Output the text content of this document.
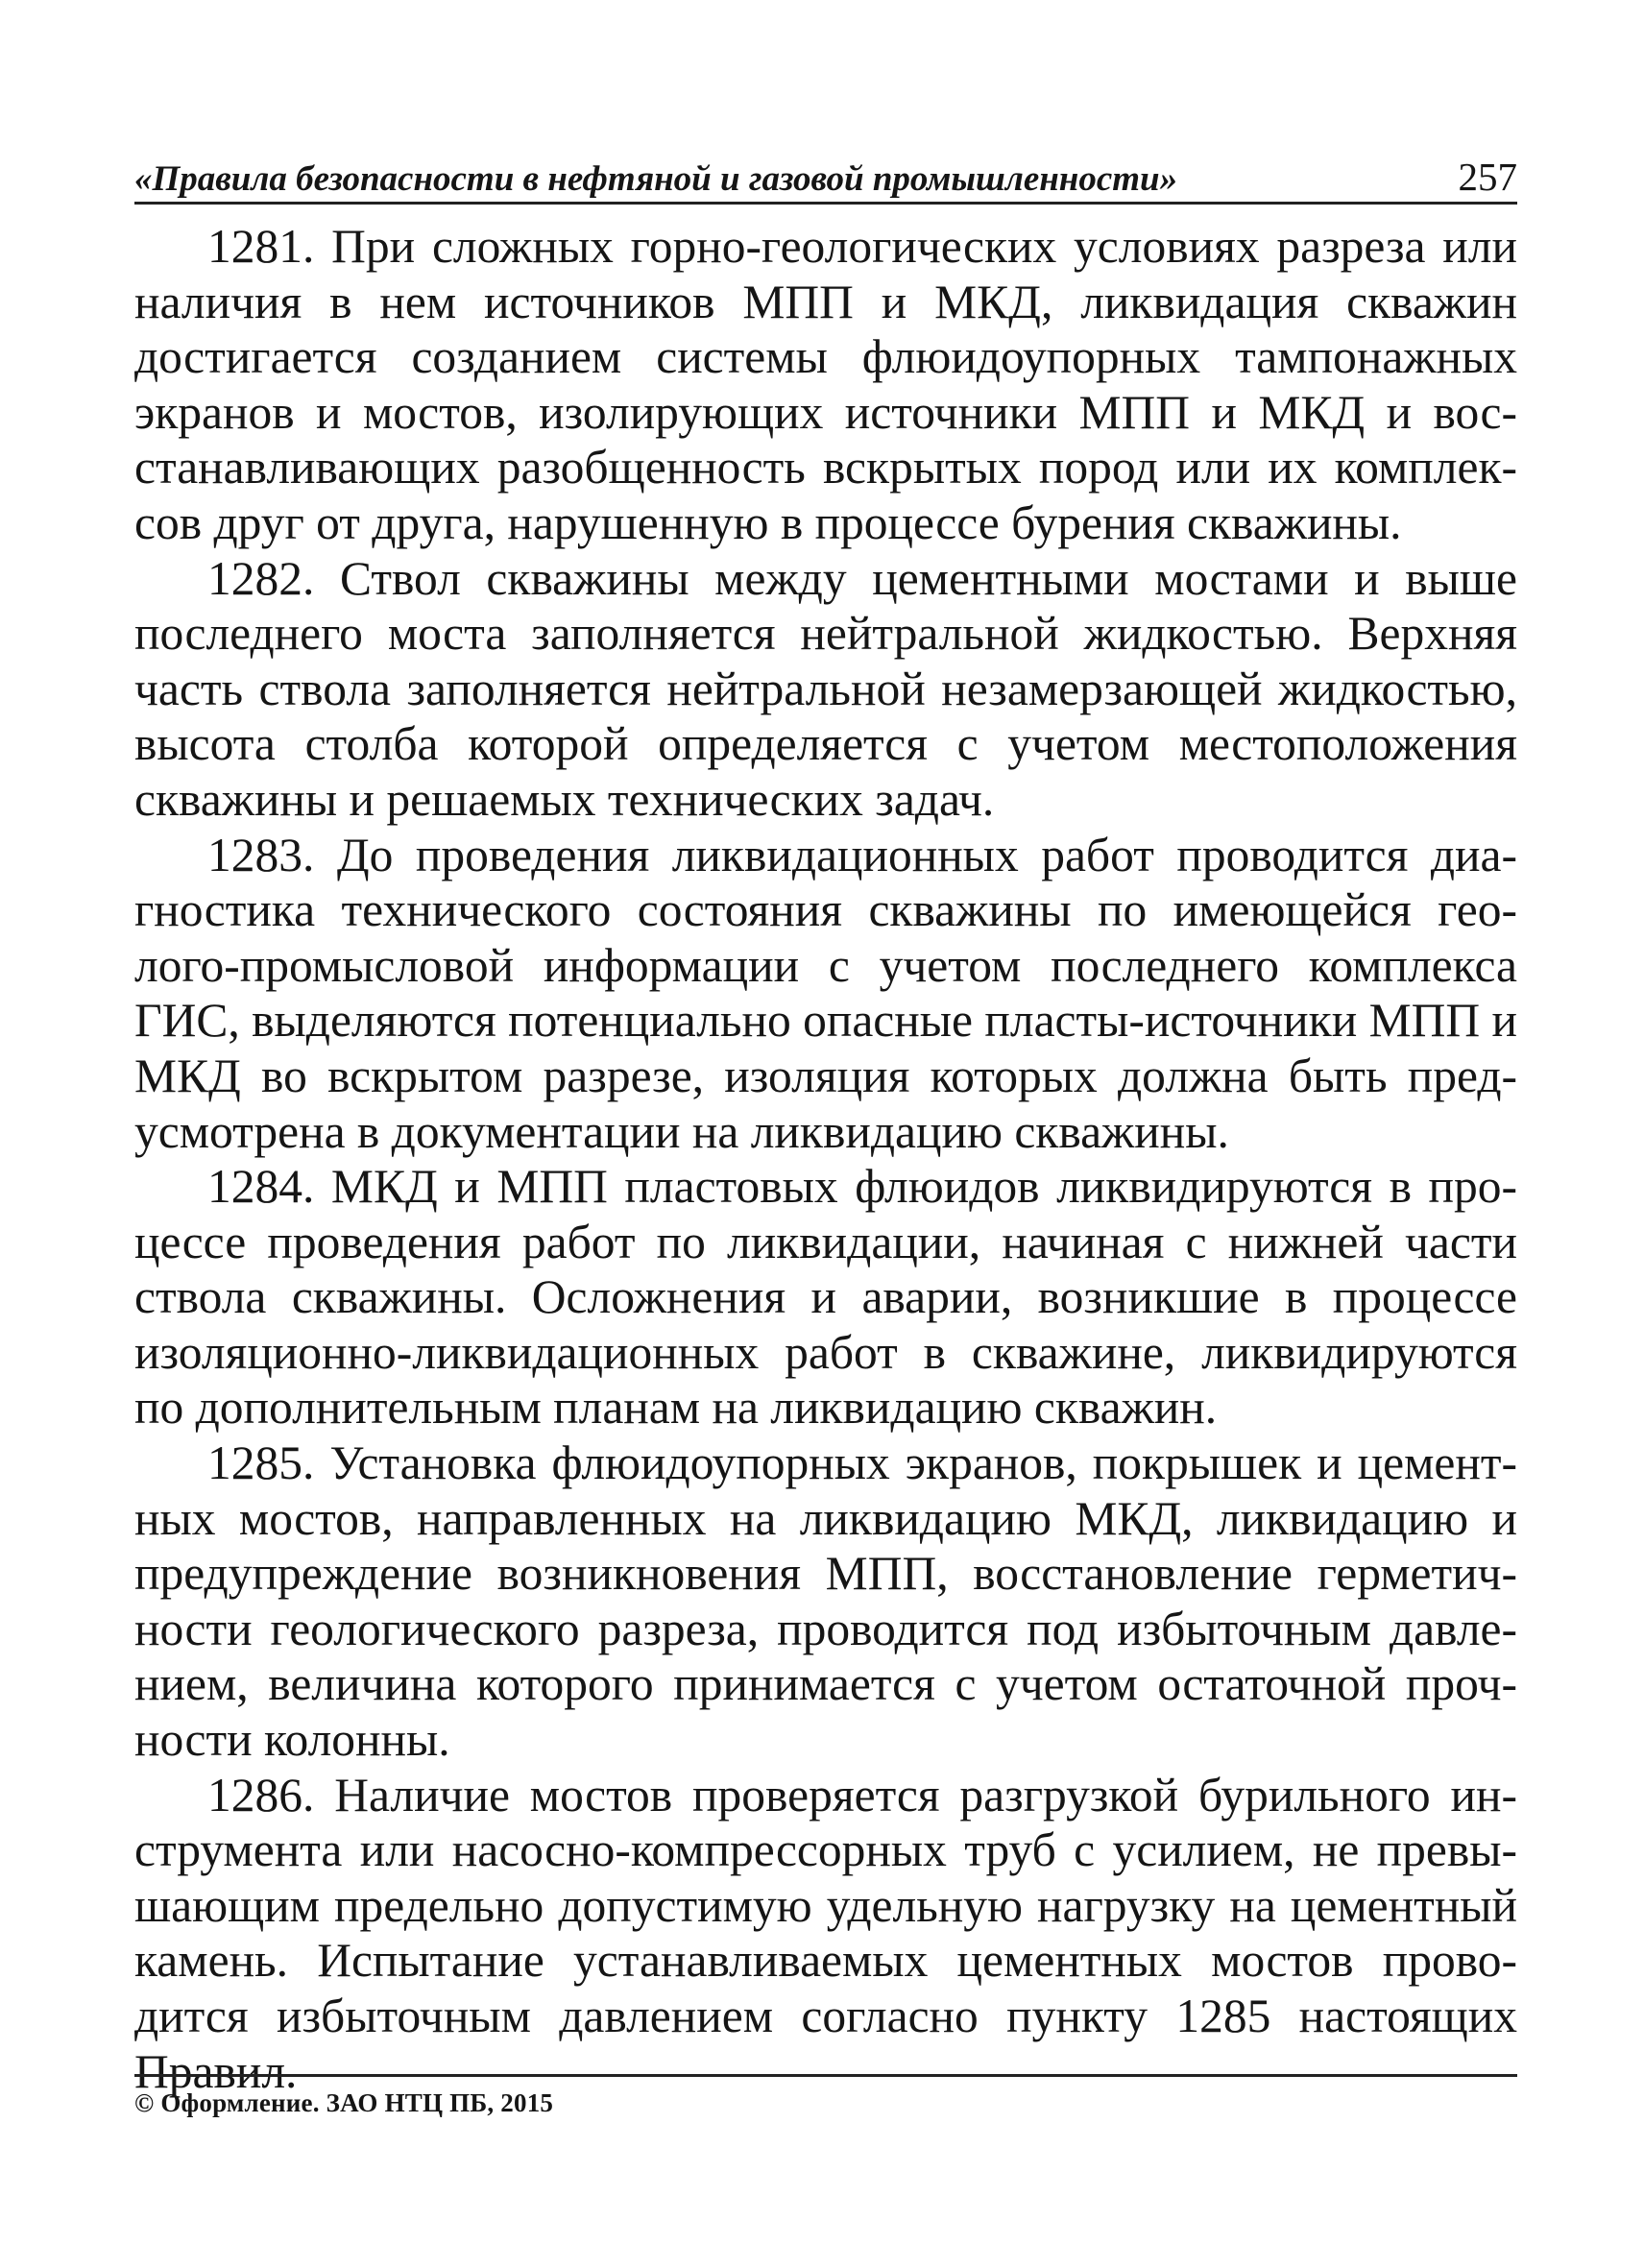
«Правила безопасности в нефтяной и газовой промышленности»	257

1281. При сложных горно-геологических условиях разреза или наличия в нем источников МПП и МКД, ликвидация скважин достигается созданием системы флюидоупорных тампонажных экранов и мостов, изолирующих источники МПП и МКД и восстанавливающих разобщенность вскрытых пород или их комплексов друг от друга, нарушенную в процессе бурения скважины.

1282. Ствол скважины между цементными мостами и выше последнего моста заполняется нейтральной жидкостью. Верхняя часть ствола заполняется нейтральной незамерзающей жидкостью, высота столба которой определяется с учетом местоположения скважины и решаемых технических задач.

1283. До проведения ликвидационных работ проводится диагностика технического состояния скважины по имеющейся геолого-промысловой информации с учетом последнего комплекса ГИС, выделяются потенциально опасные пласты-источники МПП и МКД во вскрытом разрезе, изоляция которых должна быть предусмотрена в документации на ликвидацию скважины.

1284. МКД и МПП пластовых флюидов ликвидируются в процессе проведения работ по ликвидации, начиная с нижней части ствола скважины. Осложнения и аварии, возникшие в процессе изоляционно-ликвидационных работ в скважине, ликвидируются по дополнительным планам на ликвидацию скважин.

1285. Установка флюидоупорных экранов, покрышек и цементных мостов, направленных на ликвидацию МКД, ликвидацию и предупреждение возникновения МПП, восстановление герметичности геологического разреза, проводится под избыточным давлением, величина которого принимается с учетом остаточной прочности колонны.

1286. Наличие мостов проверяется разгрузкой бурильного инструмента или насосно-компрессорных труб с усилием, не превышающим предельно допустимую удельную нагрузку на цементный камень. Испытание устанавливаемых цементных мостов проводится избыточным давлением согласно пункту 1285 настоящих Правил.

© Оформление. ЗАО НТЦ ПБ, 2015
